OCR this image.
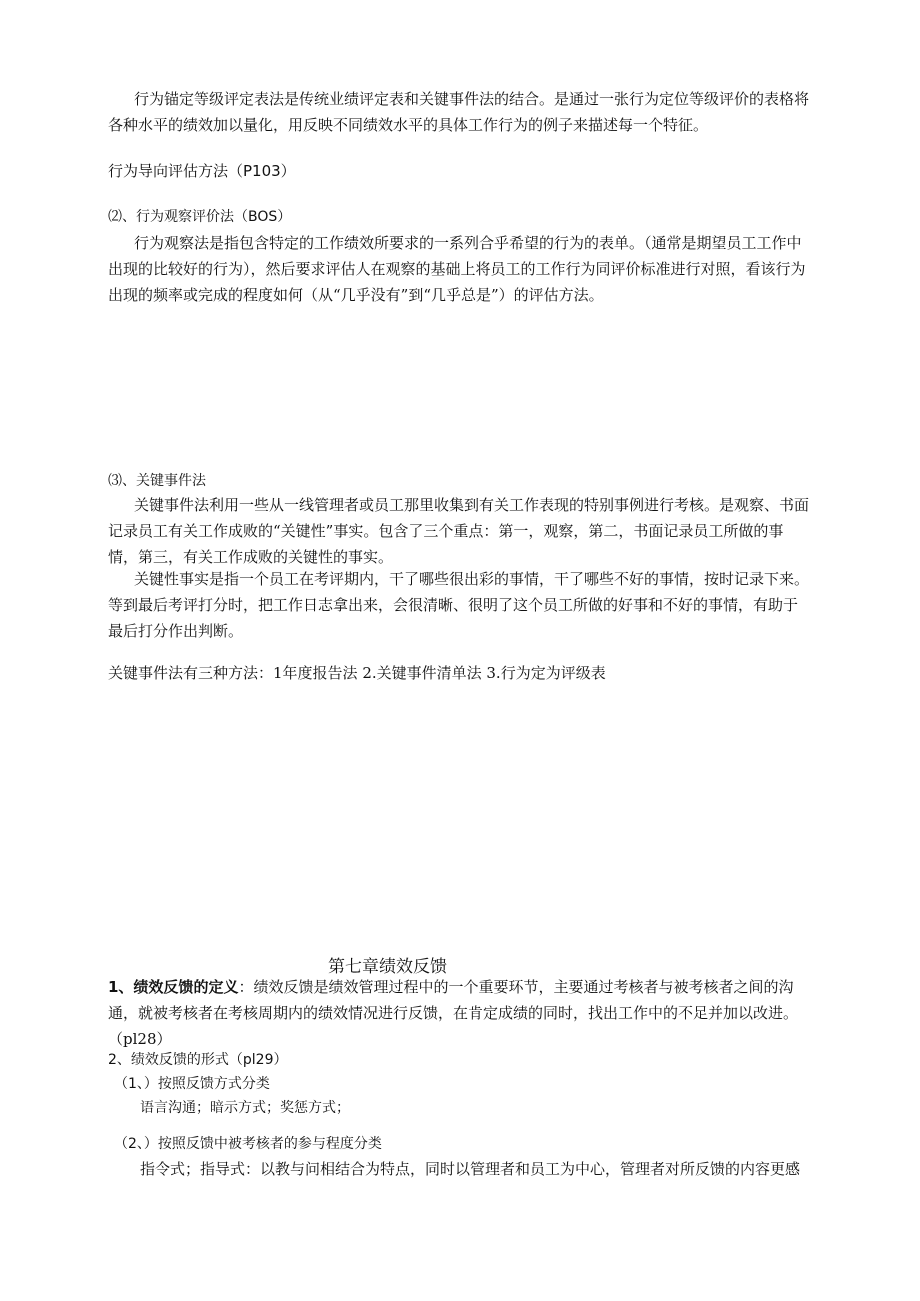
行为锚定等级评定表法是传统业绩评定表和关键事件法的结合。是通过一张行为定位等级评价的表格将各种水平的绩效加以量化，用反映不同绩效水平的具体工作行为的例子来描述每一个特征。

行为导向评估方法（P103）

⑵、行为观察评价法（BOS）

行为观察法是指包含特定的工作绩效所要求的一系列合乎希望的行为的表单。（通常是期望员工工作中出现的比较好的行为），然后要求评估人在观察的基础上将员工的工作行为同评价标准进行对照，看该行为出现的频率或完成的程度如何（从“几乎没有”到“几乎总是”）的评估方法。

⑶、关键事件法

关键事件法利用一些从一线管理者或员工那里收集到有关工作表现的特别事例进行考核。是观察、书面记录员工有关工作成败的“关键性”事实。包含了三个重点：第一，观察，第二，书面记录员工所做的事情，第三，有关工作成败的关键性的事实。

关键性事实是指一个员工在考评期内，干了哪些很出彩的事情，干了哪些不好的事情，按时记录下来。等到最后考评打分时，把工作日志拿出来，会很清晰、很明了这个员工所做的好事和不好的事情，有助于最后打分作出判断。

关键事件法有三种方法：1年度报告法 2.关键事件清单法 3.行为定为评级表

第七章绩效反馈

1、绩效反馈的定义：绩效反馈是绩效管理过程中的一个重要环节，主要通过考核者与被考核者之间的沟通，就被考核者在考核周期内的绩效情况进行反馈，在肯定成绩的同时，找出工作中的不足并加以改进。（pl28）

2、绩效反馈的形式（pl29）

（1、）按照反馈方式分类

语言沟通；暗示方式；奖惩方式；

（2、）按照反馈中被考核者的参与程度分类

指令式；指导式：以教与问相结合为特点，同时以管理者和员工为中心，管理者对所反馈的内容更感
